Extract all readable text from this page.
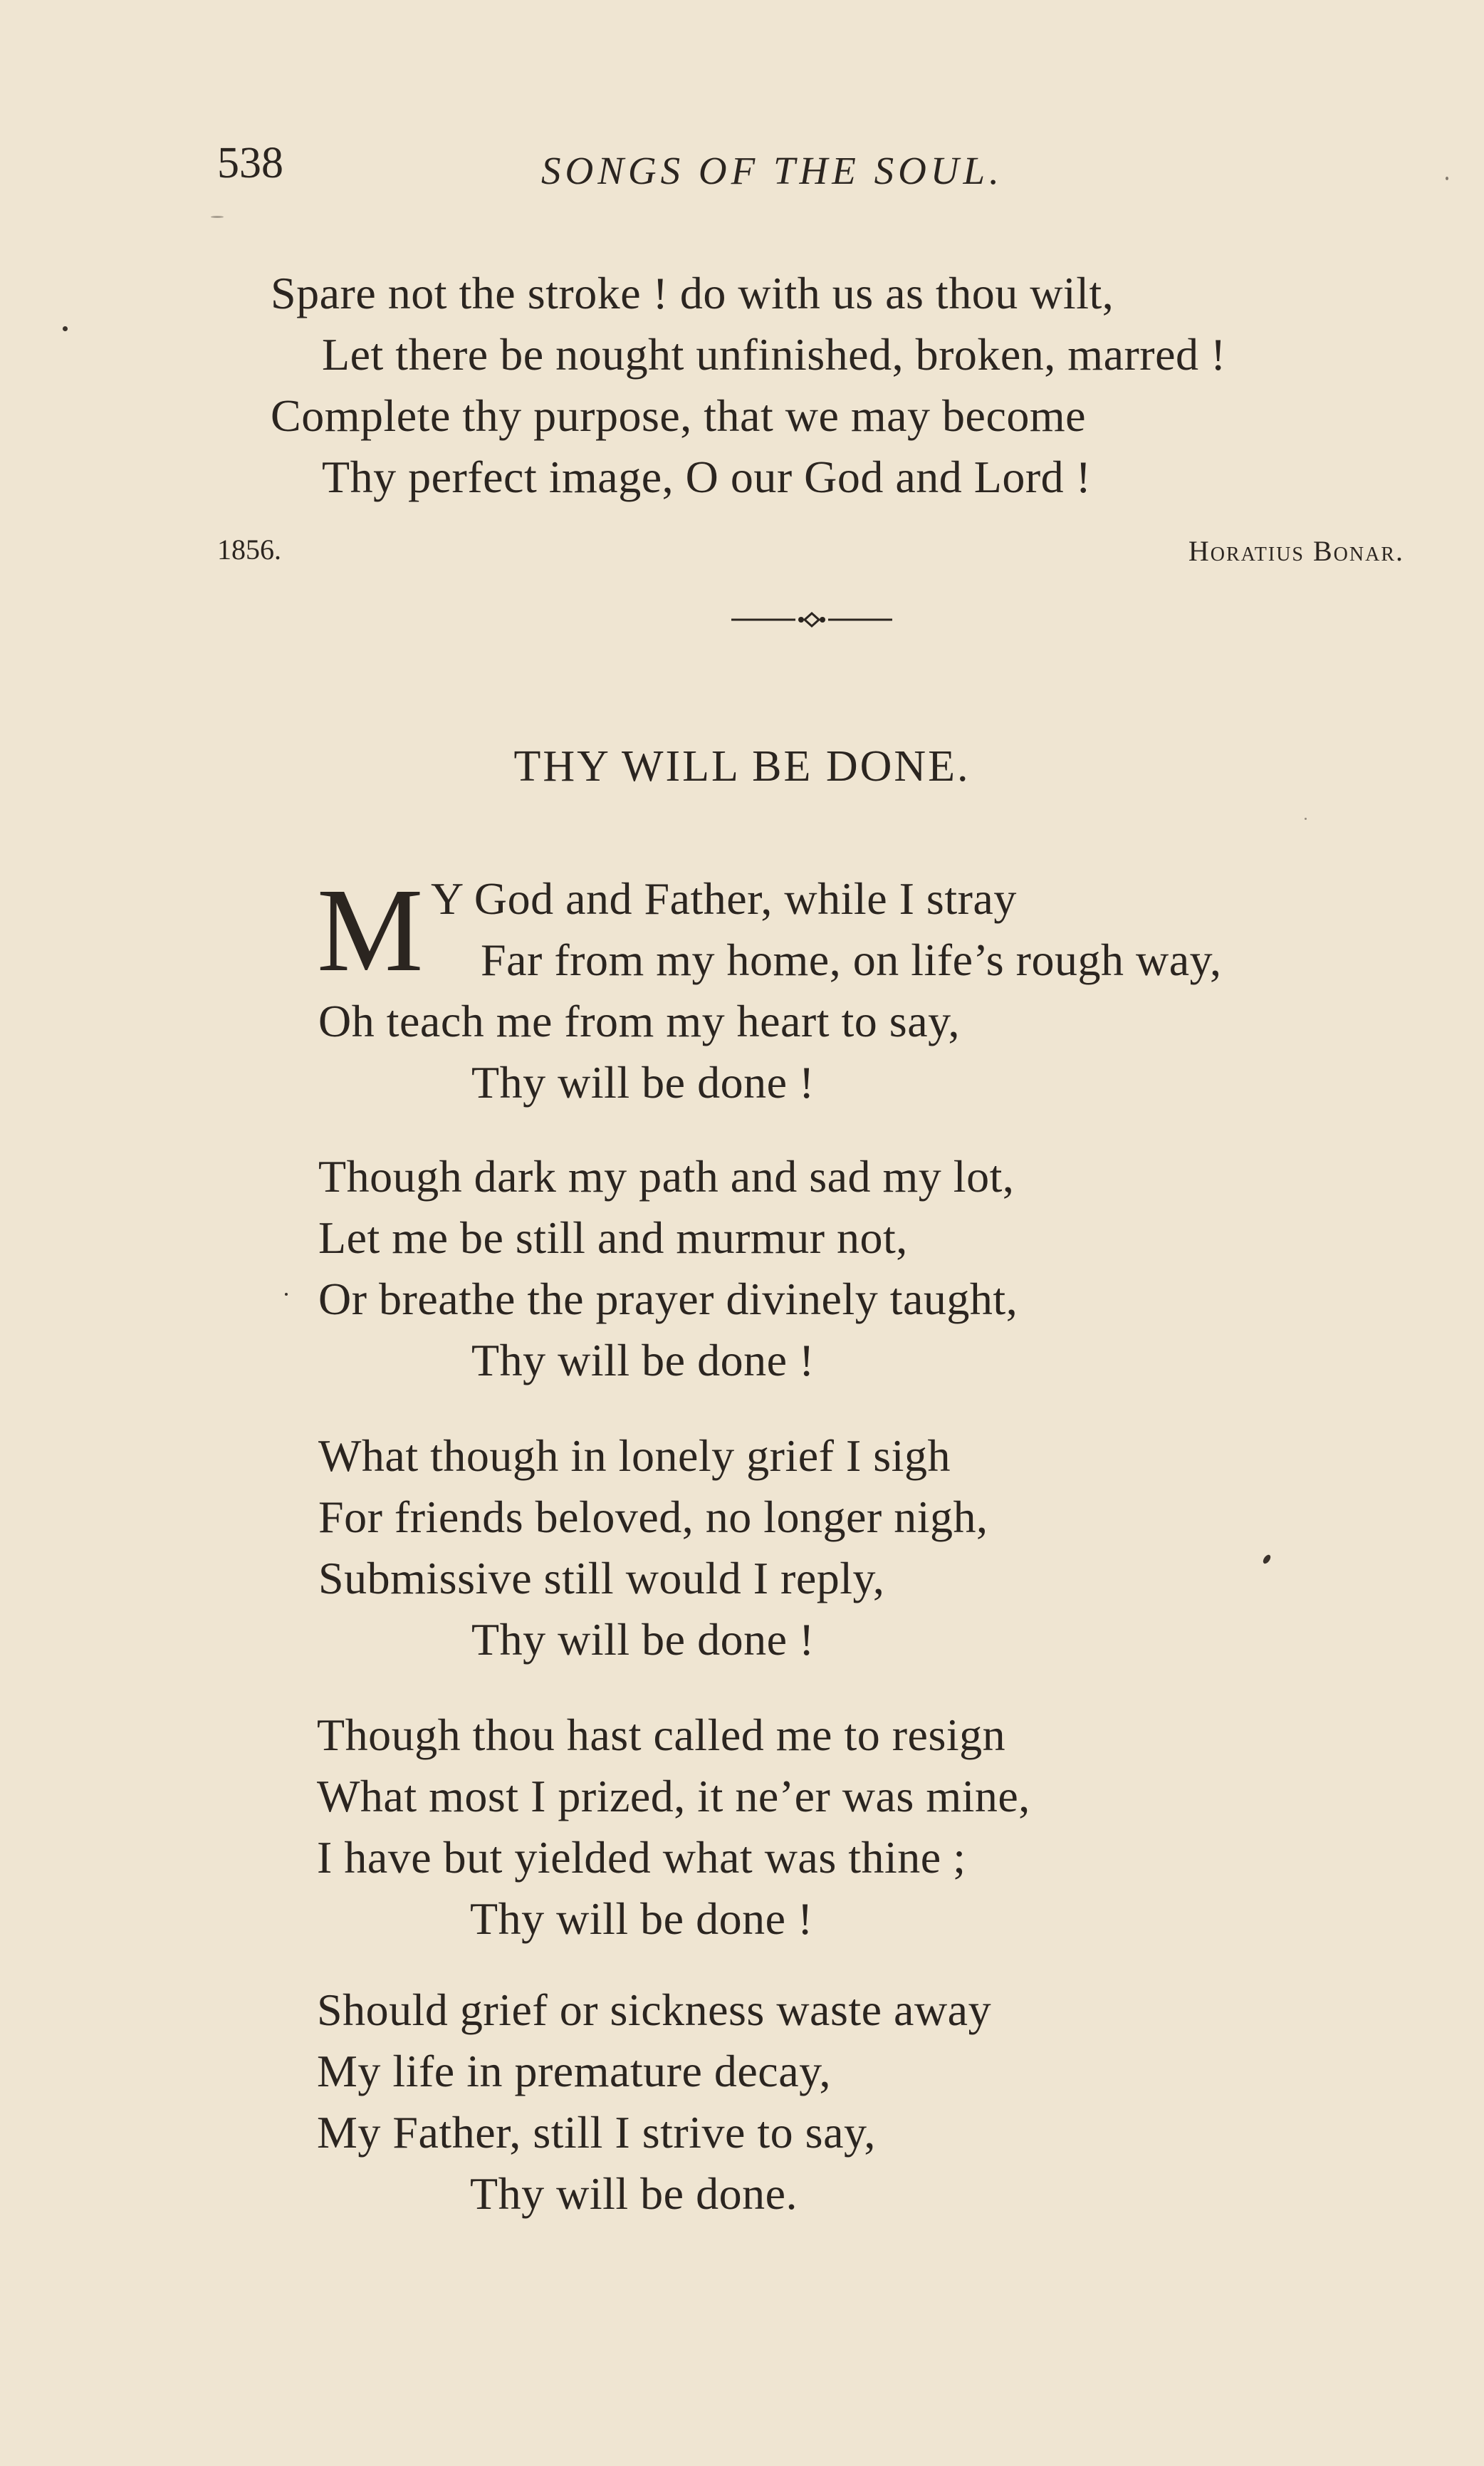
538	SONGS OF THE SOUL.
Spare not the stroke ! do with us as thou wilt,
Let there be nought unfinished, broken, marred !
Complete thy purpose, that we may become
Thy perfect image, O our God and Lord !
1856.	Horatius Bonar.
THY WILL BE DONE.
M Y God and Father, while I stray
Far from my home, on life’s rough way,
Oh teach me from my heart to say,
Thy will be done !
Though dark my path and sad my lot,
Let me be still and murmur not,
Or breathe the prayer divinely taught,
Thy will be done !
What though in lonely grief I sigh
For friends beloved, no longer nigh,
Submissive still would I reply,
Thy will be done !
Though thou hast called me to resign
What most I prized, it ne’er was mine,
I have but yielded what was thine ;
Thy will be done !
Should grief or sickness waste away
My life in premature decay,
My Father, still I strive to say,
Thy will be done.
